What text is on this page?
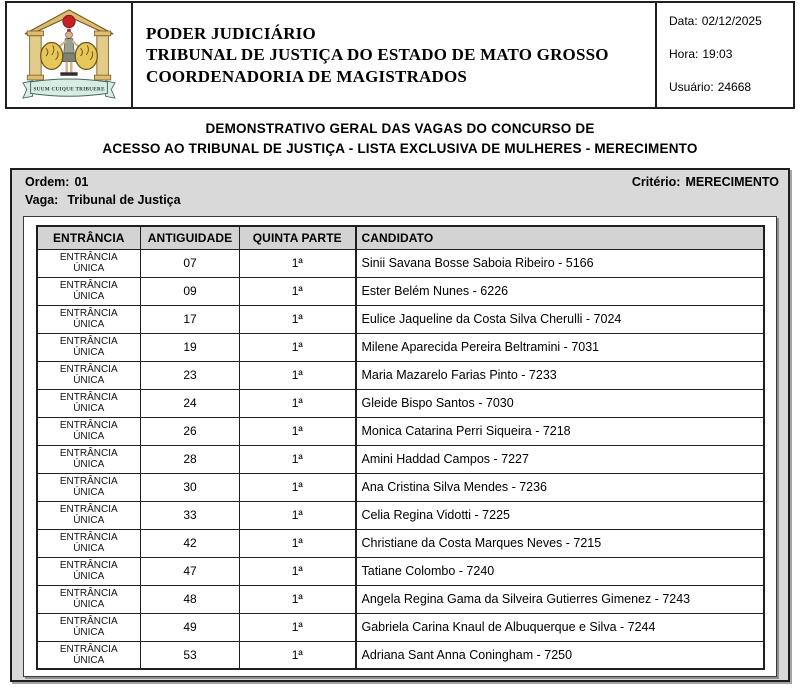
SUUM CUIQUE TRIBUERE
PODER JUDICIÁRIO
TRIBUNAL DE JUSTIÇA DO ESTADO DE MATO GROSSO
COORDENADORIA DE MAGISTRADOS
Data: 02/12/2025
Hora: 19:03
Usuário: 24668
DEMONSTRATIVO GERAL DAS VAGAS DO CONCURSO DE
ACESSO AO TRIBUNAL DE JUSTIÇA - LISTA EXCLUSIVA DE MULHERES - MERECIMENTO
Ordem: 01	Critério: MERECIMENTO
Vaga: Tribunal de Justiça
ENTRÂNCIA	ANTIGUIDADE	QUINTA PARTE	CANDIDATO
ENTRÂNCIA ÚNICA	07	1ª	Sinii Savana Bosse Saboia Ribeiro - 5166
ENTRÂNCIA ÚNICA	09	1ª	Ester Belém Nunes - 6226
ENTRÂNCIA ÚNICA	17	1ª	Eulice Jaqueline da Costa Silva Cherulli - 7024
ENTRÂNCIA ÚNICA	19	1ª	Milene Aparecida Pereira Beltramini - 7031
ENTRÂNCIA ÚNICA	23	1ª	Maria Mazarelo Farias Pinto - 7233
ENTRÂNCIA ÚNICA	24	1ª	Gleide Bispo Santos - 7030
ENTRÂNCIA ÚNICA	26	1ª	Monica Catarina Perri Siqueira - 7218
ENTRÂNCIA ÚNICA	28	1ª	Amini Haddad Campos - 7227
ENTRÂNCIA ÚNICA	30	1ª	Ana Cristina Silva Mendes - 7236
ENTRÂNCIA ÚNICA	33	1ª	Celia Regina Vidotti - 7225
ENTRÂNCIA ÚNICA	42	1ª	Christiane da Costa Marques Neves - 7215
ENTRÂNCIA ÚNICA	47	1ª	Tatiane Colombo - 7240
ENTRÂNCIA ÚNICA	48	1ª	Angela Regina Gama da Silveira Gutierres Gimenez - 7243
ENTRÂNCIA ÚNICA	49	1ª	Gabriela Carina Knaul de Albuquerque e Silva - 7244
ENTRÂNCIA ÚNICA	53	1ª	Adriana Sant Anna Coningham - 7250
